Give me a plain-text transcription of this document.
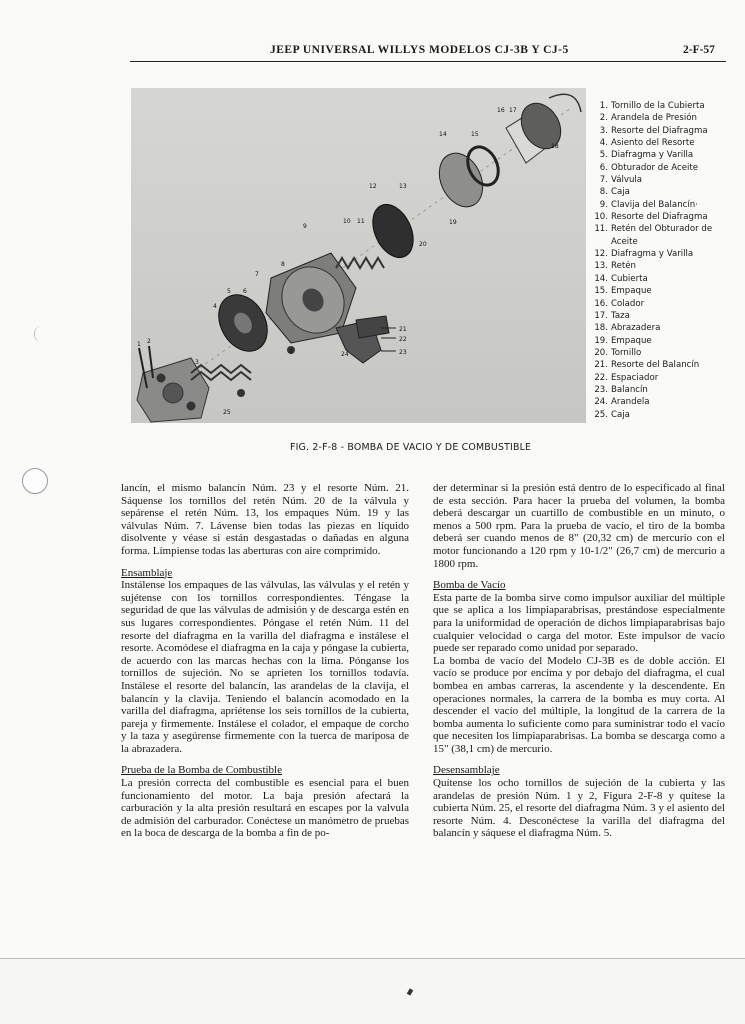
JEEP UNIVERSAL WILLYS MODELOS CJ-3B Y CJ-5	2-F-57
1 2
3
4
5 6
7
7
8
9
10 11
12	13
14	15
16 17
18
19
20
21
22
23
24
25
1. Tornillo de la Cubierta
2. Arandela de Presión
3. Resorte del Diafragma
4. Asiento del Resorte
5. Diafragma y Varilla
6. Obturador de Aceite
7. Válvula
8. Caja
9. Clavija del Balancín·
10. Resorte del Diafragma
11. Retén del Obturador de Aceite
12. Diafragma y Varilla
13. Retén
14. Cubierta
15. Empaque
16. Colador
17. Taza
18. Abrazadera
19. Empaque
20. Tornillo
21. Resorte del Balancín
22. Espaciador
23. Balancín
24. Arandela
25. Caja
FIG. 2-F-8 - BOMBA DE VACIO Y DE COMBUSTIBLE

lancín, el mismo balancín Núm. 23 y el resorte Núm. 21. Sáquense los tornillos del retén Núm. 20 de la válvula y sepárense el retén Núm. 13, los empaques Núm. 19 y las válvulas Núm. 7. Lávense bien todas las piezas en líquido disolvente y véase si están desgastadas o dañadas en alguna forma. Límpiense todas las aberturas con aire comprimido.

Ensamblaje

Instálense los empaques de las válvulas, las válvulas y el retén y sujétense con los tornillos correspondientes. Téngase la seguridad de que las válvulas de admisión y de descarga estén en sus lugares correspondientes. Póngase el retén Núm. 11 del resorte del diafragma en la varilla del diafragma e instálese el resorte. Acomódese el diafragma en la caja y póngase la cubierta, de acuerdo con las marcas hechas con la lima. Pónganse los tornillos de sujeción. No se aprieten los tornillos todavía. Instálese el resorte del balancín, las arandelas de la clavija, el balancín y la clavija. Teniendo el balancín acomodado en la varilla del diafragma, apriétense los seis tornillos de la cubierta, pareja y firmemente. Instálese el colador, el empaque de corcho y la taza y asegúrense firmemente con la tuerca de mariposa de la abrazadera.

Prueba de la Bomba de Combustible

La presión correcta del combustible es esencial para el buen funcionamiento del motor. La baja presión afectará la carburación y la alta presión resultará en escapes por la valvula de admisión del carburador. Conéctese un manómetro de pruebas en la boca de descarga de la bomba a fin de po-

der determinar si la presión está dentro de lo especificado al final de esta sección. Para hacer la prueba del volumen, la bomba deberá descargar un cuartillo de combustible en un minuto, o menos a 500 rpm. Para la prueba de vacío, el tiro de la bomba deberá ser cuando menos de 8" (20,32 cm) de mercurio con el motor funcionando a 120 rpm y 10-1/2" (26,7 cm) de mercurio a 1800 rpm.

Bomba de Vacío

Esta parte de la bomba sirve como impulsor auxiliar del múltiple que se aplica a los limpiaparabrisas, prestándose especialmente para la uniformidad de operación de dichos limpiaparabrisas bajo cualquier velocidad o carga del motor. Este impulsor de vacío puede ser reparado como unidad por separado.

La bomba de vacío del Modelo CJ-3B es de doble acción. El vacío se produce por encima y por debajo del diafragma, el cual bombea en ambas carreras, la ascendente y la descendente. En operaciones normales, la carrera de la bomba es muy corta. Al descender el vacío del múltiple, la longitud de la carrera de la bomba aumenta lo suficiente como para suministrar todo el vacío que necesiten los limpiaparabrisas. La bomba se descarga como a 15" (38,1 cm) de mercurio.

Desensamblaje

Quítense los ocho tornillos de sujeción de la cubierta y las arandelas de presión Núm. 1 y 2, Figura 2-F-8 y quítese la cubierta Núm. 25, el resorte del diafragma Núm. 3 y el asiento del resorte Núm. 4. Desconéctese la varilla del diafragma del balancín y sáquese el diafragma Núm. 5.
